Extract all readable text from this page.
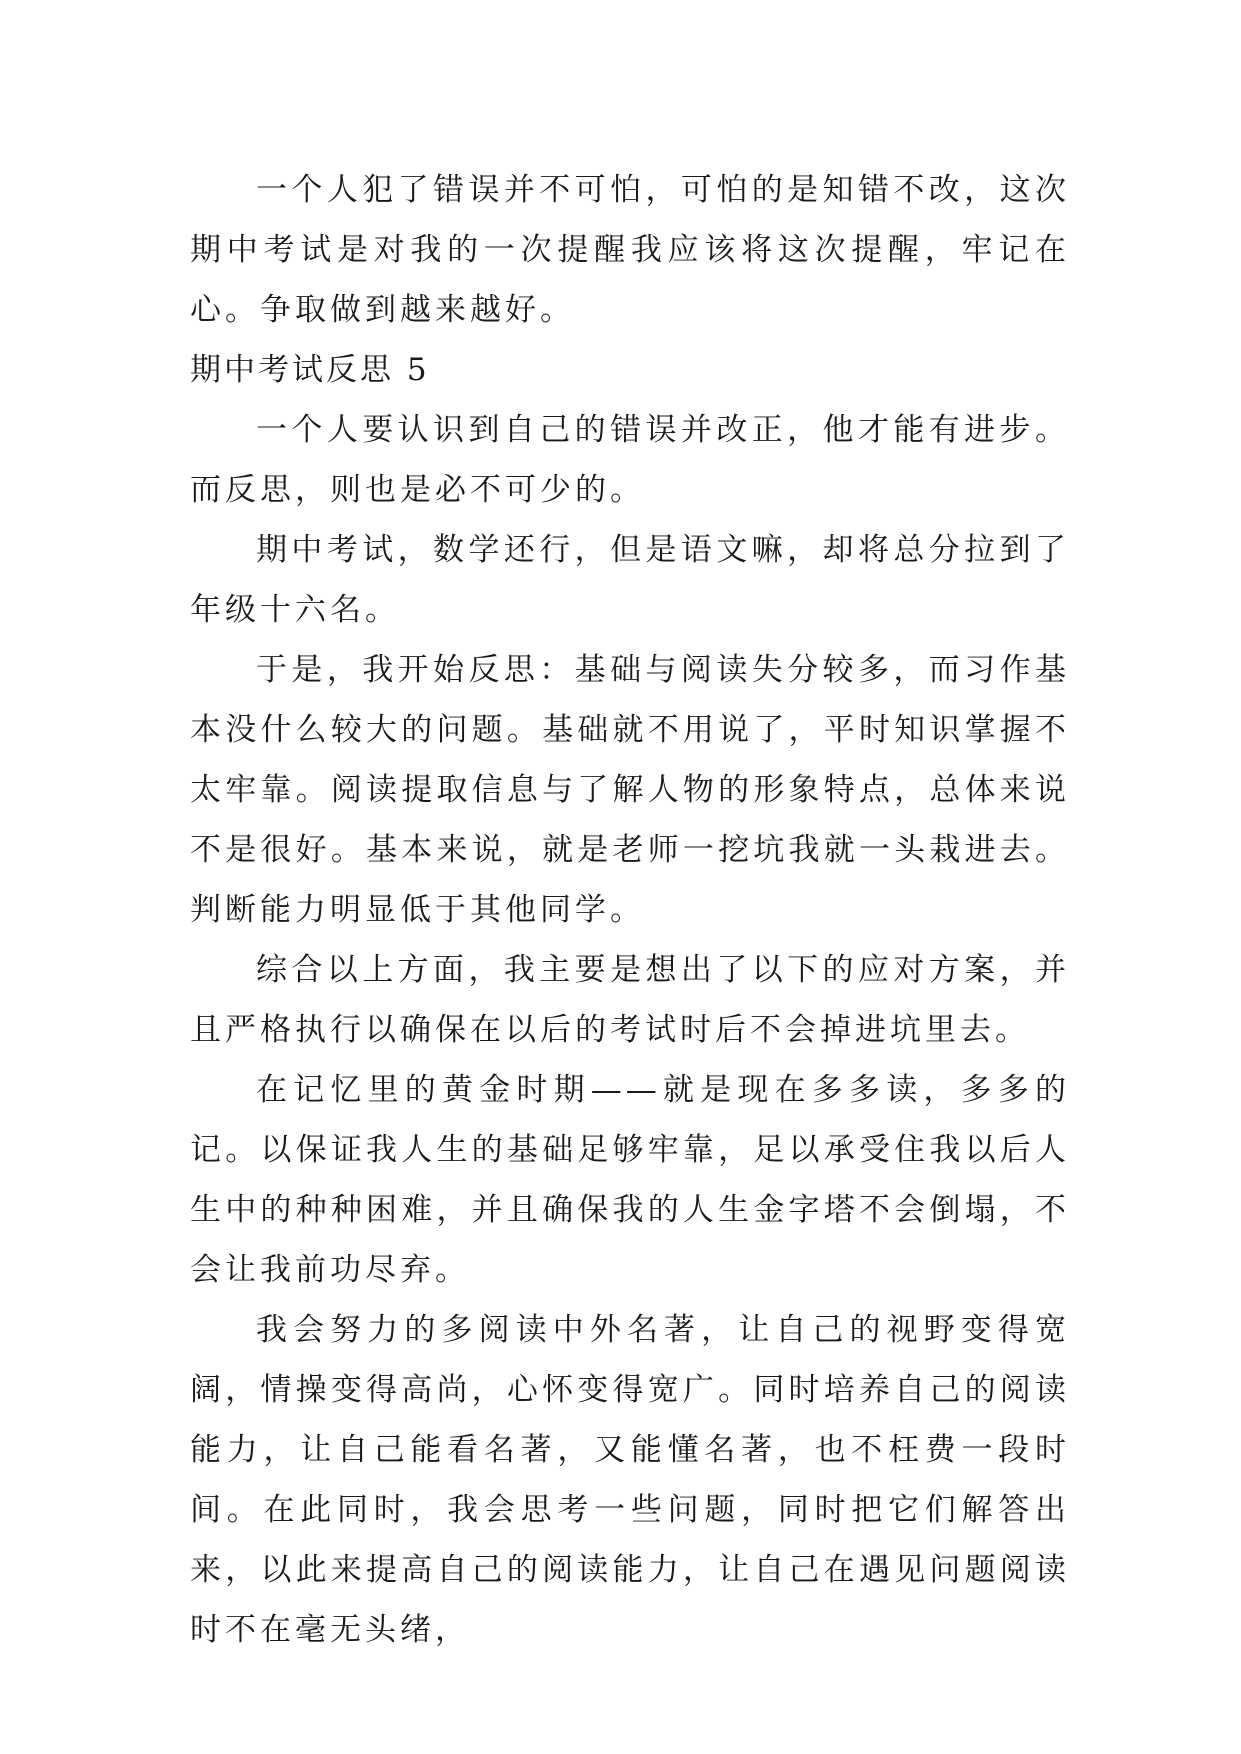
一个人犯了错误并不可怕，可怕的是知错不改，这次期中考试是对我的一次提醒我应该将这次提醒，牢记在心。争取做到越来越好。

期中考试反思 5

一个人要认识到自己的错误并改正，他才能有进步。而反思，则也是必不可少的。

期中考试，数学还行，但是语文嘛，却将总分拉到了年级十六名。

于是，我开始反思：基础与阅读失分较多，而习作基本没什么较大的问题。基础就不用说了，平时知识掌握不太牢靠。阅读提取信息与了解人物的形象特点，总体来说不是很好。基本来说，就是老师一挖坑我就一头栽进去。判断能力明显低于其他同学。

综合以上方面，我主要是想出了以下的应对方案，并且严格执行以确保在以后的考试时后不会掉进坑里去。

在记忆里的黄金时期——就是现在多多读，多多的记。以保证我人生的基础足够牢靠，足以承受住我以后人生中的种种困难，并且确保我的人生金字塔不会倒塌，不会让我前功尽弃。

我会努力的多阅读中外名著，让自己的视野变得宽阔，情操变得高尚，心怀变得宽广。同时培养自己的阅读能力，让自己能看名著，又能懂名著，也不枉费一段时间。在此同时，我会思考一些问题，同时把它们解答出来，以此来提高自己的阅读能力，让自己在遇见问题阅读时不在毫无头绪，
